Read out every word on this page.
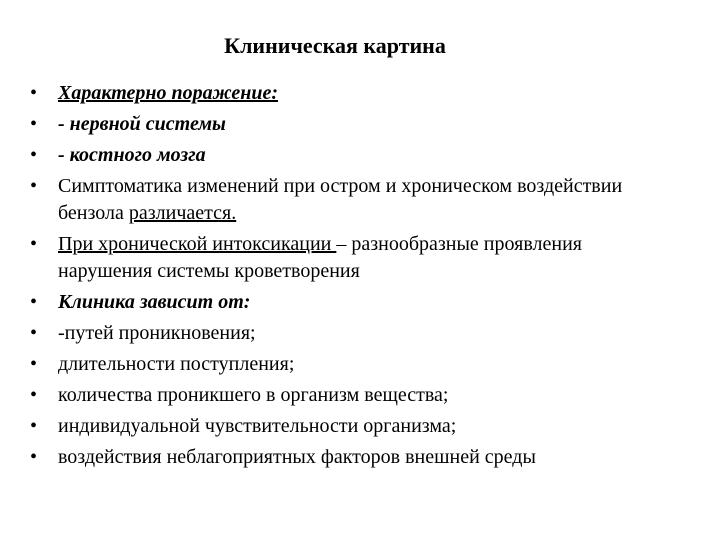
Клиническая картина
•	Характерно поражение:
•	- нервной системы
•	- костного мозга
•	Симптоматика изменений при остром и хроническом воздействии бензола различается.
•	При хронической интоксикации – разнообразные проявления нарушения системы кроветворения
•	Клиника зависит от:
•	-путей проникновения;
•	длительности поступления;
•	количества проникшего в организм вещества;
•	индивидуальной чувствительности организма;
•	воздействия неблагоприятных факторов внешней среды
